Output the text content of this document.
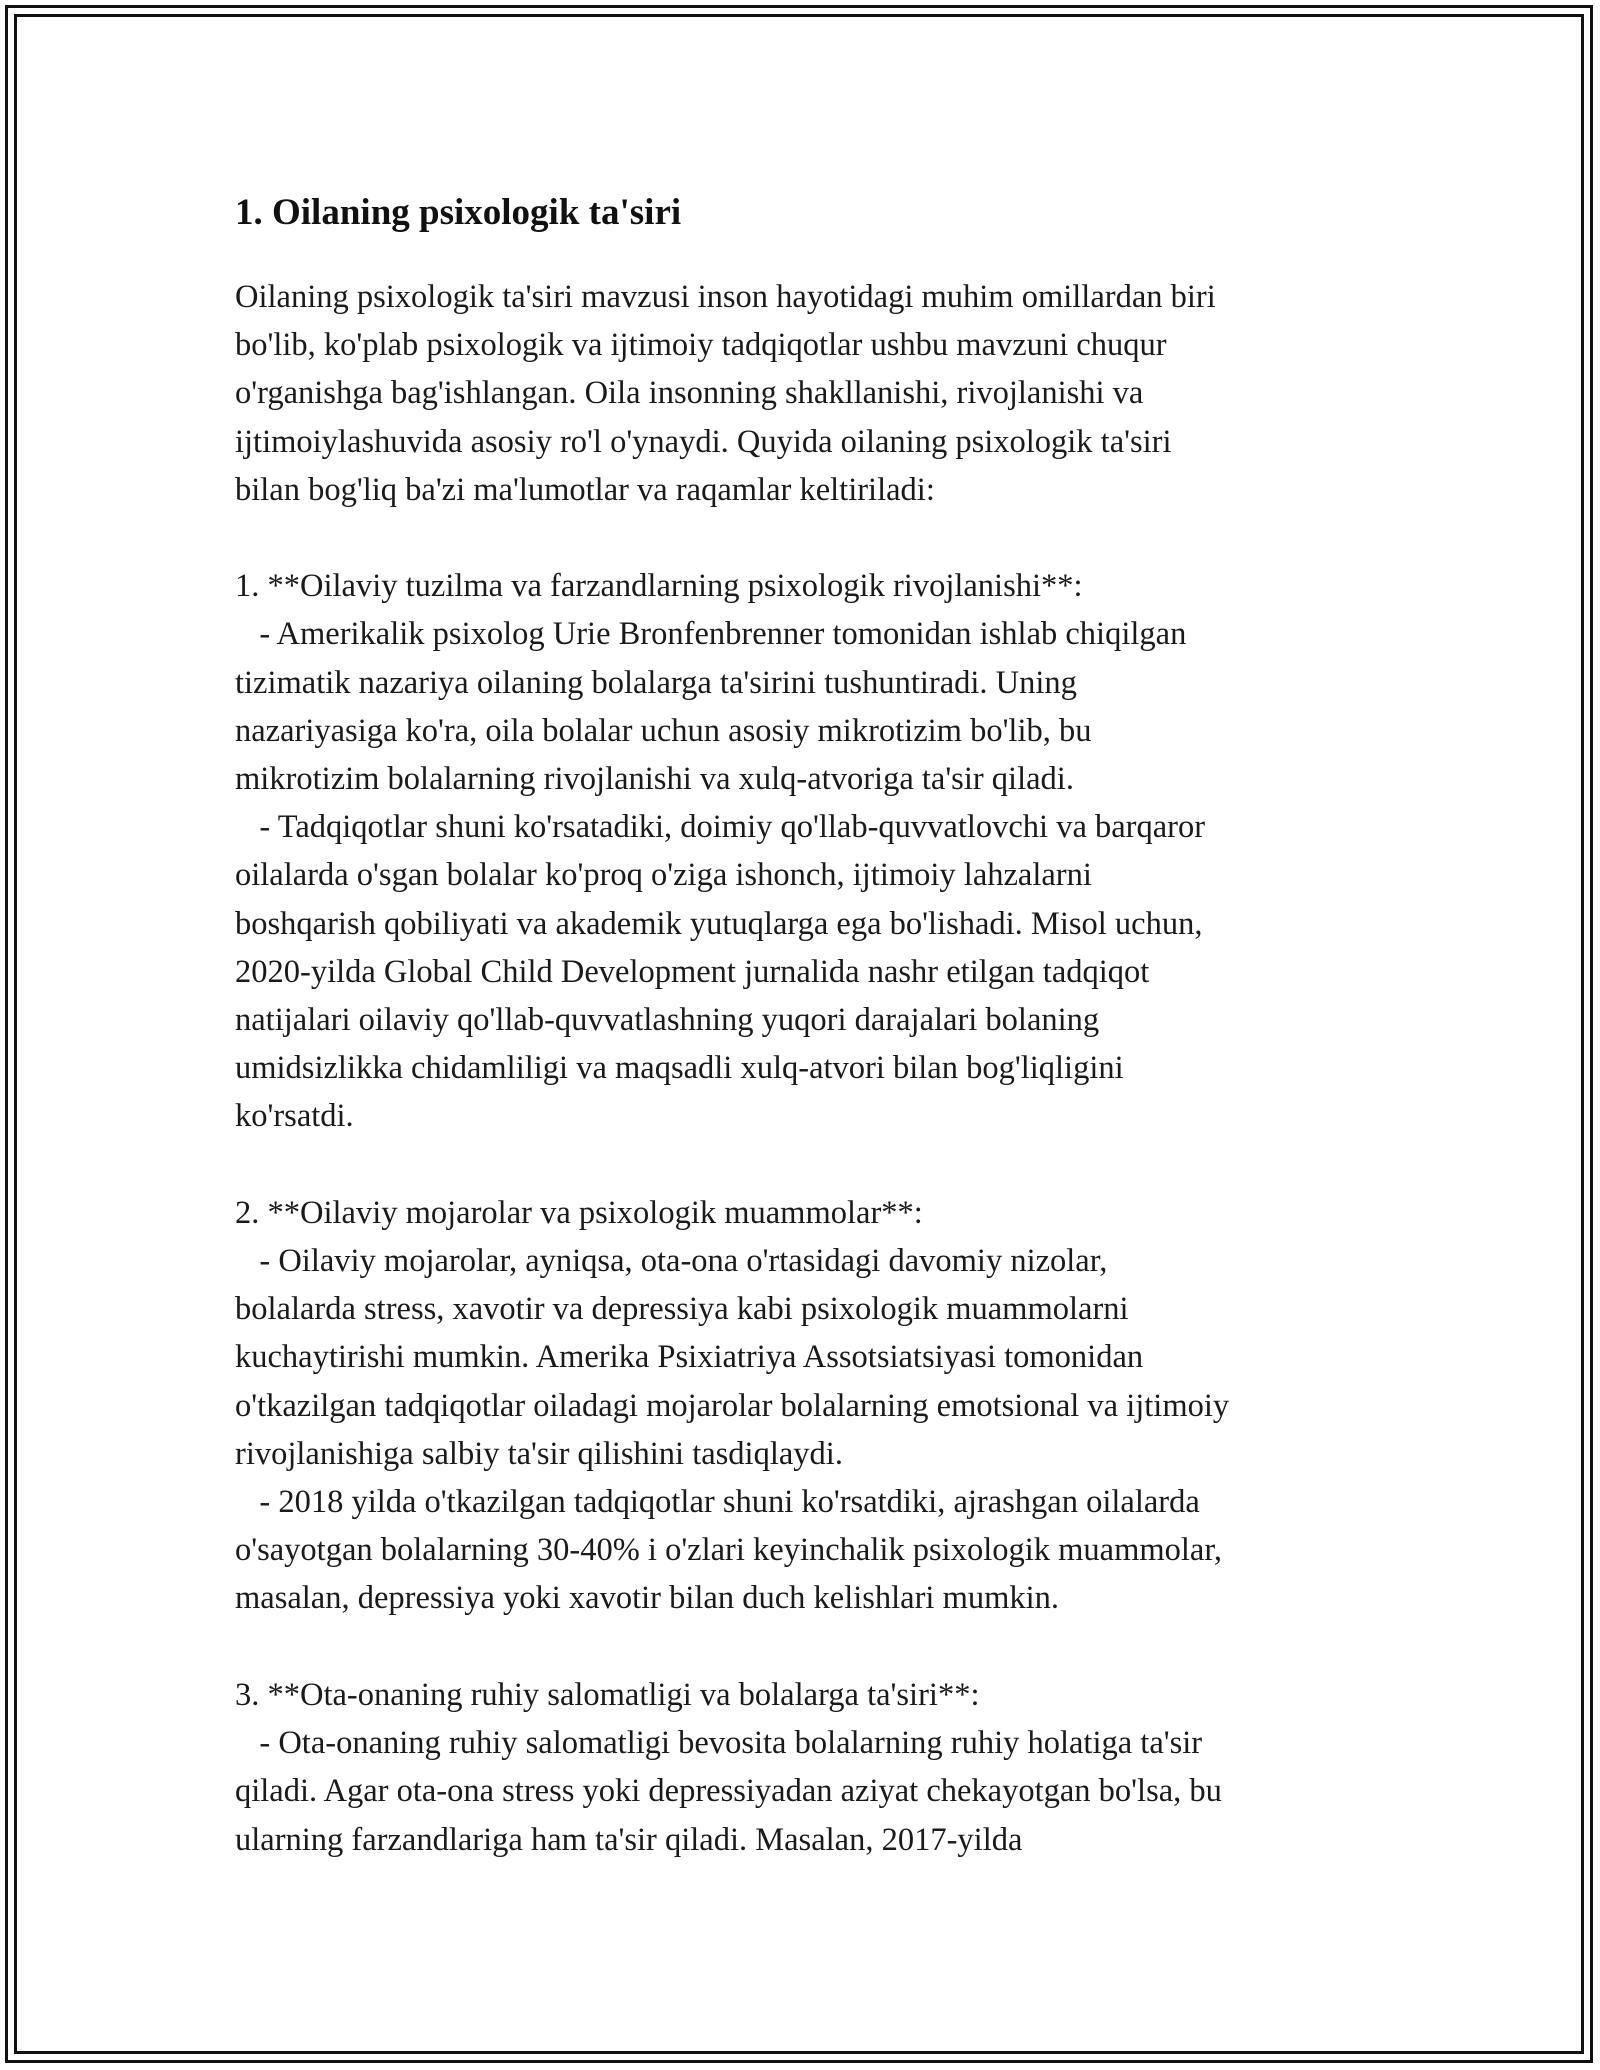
1. Oilaning psixologik ta'siri

Oilaning psixologik ta'siri mavzusi inson hayotidagi muhim omillardan biri
bo'lib, ko'plab psixologik va ijtimoiy tadqiqotlar ushbu mavzuni chuqur
o'rganishga bag'ishlangan. Oila insonning shakllanishi, rivojlanishi va
ijtimoiylashuvida asosiy ro'l o'ynaydi. Quyida oilaning psixologik ta'siri
bilan bog'liq ba'zi ma'lumotlar va raqamlar keltiriladi:

1. **Oilaviy tuzilma va farzandlarning psixologik rivojlanishi**:
- Amerikalik psixolog Urie Bronfenbrenner tomonidan ishlab chiqilgan
tizimatik nazariya oilaning bolalarga ta'sirini tushuntiradi. Uning
nazariyasiga ko'ra, oila bolalar uchun asosiy mikrotizim bo'lib, bu
mikrotizim bolalarning rivojlanishi va xulq-atvoriga ta'sir qiladi.
- Tadqiqotlar shuni ko'rsatadiki, doimiy qo'llab-quvvatlovchi va barqaror
oilalarda o'sgan bolalar ko'proq o'ziga ishonch, ijtimoiy lahzalarni
boshqarish qobiliyati va akademik yutuqlarga ega bo'lishadi. Misol uchun,
2020-yilda Global Child Development jurnalida nashr etilgan tadqiqot
natijalari oilaviy qo'llab-quvvatlashning yuqori darajalari bolaning
umidsizlikka chidamliligi va maqsadli xulq-atvori bilan bog'liqligini
ko'rsatdi.

2. **Oilaviy mojarolar va psixologik muammolar**:
- Oilaviy mojarolar, ayniqsa, ota-ona o'rtasidagi davomiy nizolar,
bolalarda stress, xavotir va depressiya kabi psixologik muammolarni
kuchaytirishi mumkin. Amerika Psixiatriya Assotsiatsiyasi tomonidan
o'tkazilgan tadqiqotlar oiladagi mojarolar bolalarning emotsional va ijtimoiy
rivojlanishiga salbiy ta'sir qilishini tasdiqlaydi.
- 2018 yilda o'tkazilgan tadqiqotlar shuni ko'rsatdiki, ajrashgan oilalarda
o'sayotgan bolalarning 30-40% i o'zlari keyinchalik psixologik muammolar,
masalan, depressiya yoki xavotir bilan duch kelishlari mumkin.

3. **Ota-onaning ruhiy salomatligi va bolalarga ta'siri**:
- Ota-onaning ruhiy salomatligi bevosita bolalarning ruhiy holatiga ta'sir
qiladi. Agar ota-ona stress yoki depressiyadan aziyat chekayotgan bo'lsa, bu
ularning farzandlariga ham ta'sir qiladi. Masalan, 2017-yilda
